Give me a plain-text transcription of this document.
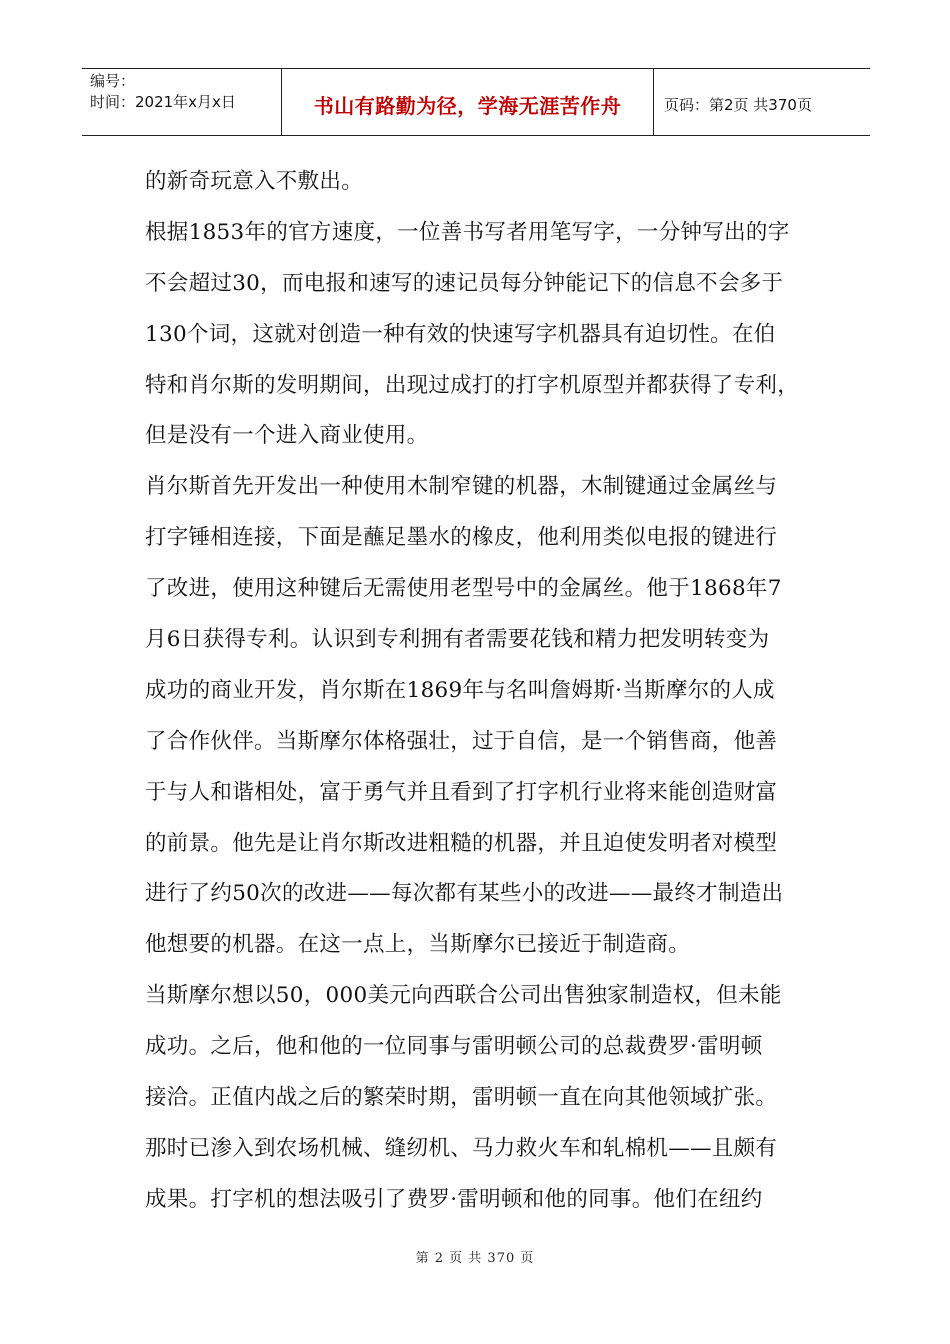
编号：
时间：2021年x月x日	书山有路勤为径，学海无涯苦作舟	页码：第2页 共370页
的新奇玩意入不敷出。
根据1853年的官方速度，一位善书写者用笔写字，一分钟写出的字
不会超过30，而电报和速写的速记员每分钟能记下的信息不会多于
130个词，这就对创造一种有效的快速写字机器具有迫切性。在伯
特和肖尔斯的发明期间，出现过成打的打字机原型并都获得了专利，
但是没有一个进入商业使用。
肖尔斯首先开发出一种使用木制窄键的机器，木制键通过金属丝与
打字锤相连接，下面是蘸足墨水的橡皮，他利用类似电报的键进行
了改进，使用这种键后无需使用老型号中的金属丝。他于1868年7
月6日获得专利。认识到专利拥有者需要花钱和精力把发明转变为
成功的商业开发，肖尔斯在1869年与名叫詹姆斯·当斯摩尔的人成
了合作伙伴。当斯摩尔体格强壮，过于自信，是一个销售商，他善
于与人和谐相处，富于勇气并且看到了打字机行业将来能创造财富
的前景。他先是让肖尔斯改进粗糙的机器，并且迫使发明者对模型
进行了约50次的改进——每次都有某些小的改进——最终才制造出
他想要的机器。在这一点上，当斯摩尔已接近于制造商。
当斯摩尔想以50，000美元向西联合公司出售独家制造权，但未能
成功。之后，他和他的一位同事与雷明顿公司的总裁费罗·雷明顿
接洽。正值内战之后的繁荣时期，雷明顿一直在向其他领域扩张。
那时已渗入到农场机械、缝纫机、马力救火车和轧棉机——且颇有
成果。打字机的想法吸引了费罗·雷明顿和他的同事。他们在纽约
第 2 页 共 370 页
